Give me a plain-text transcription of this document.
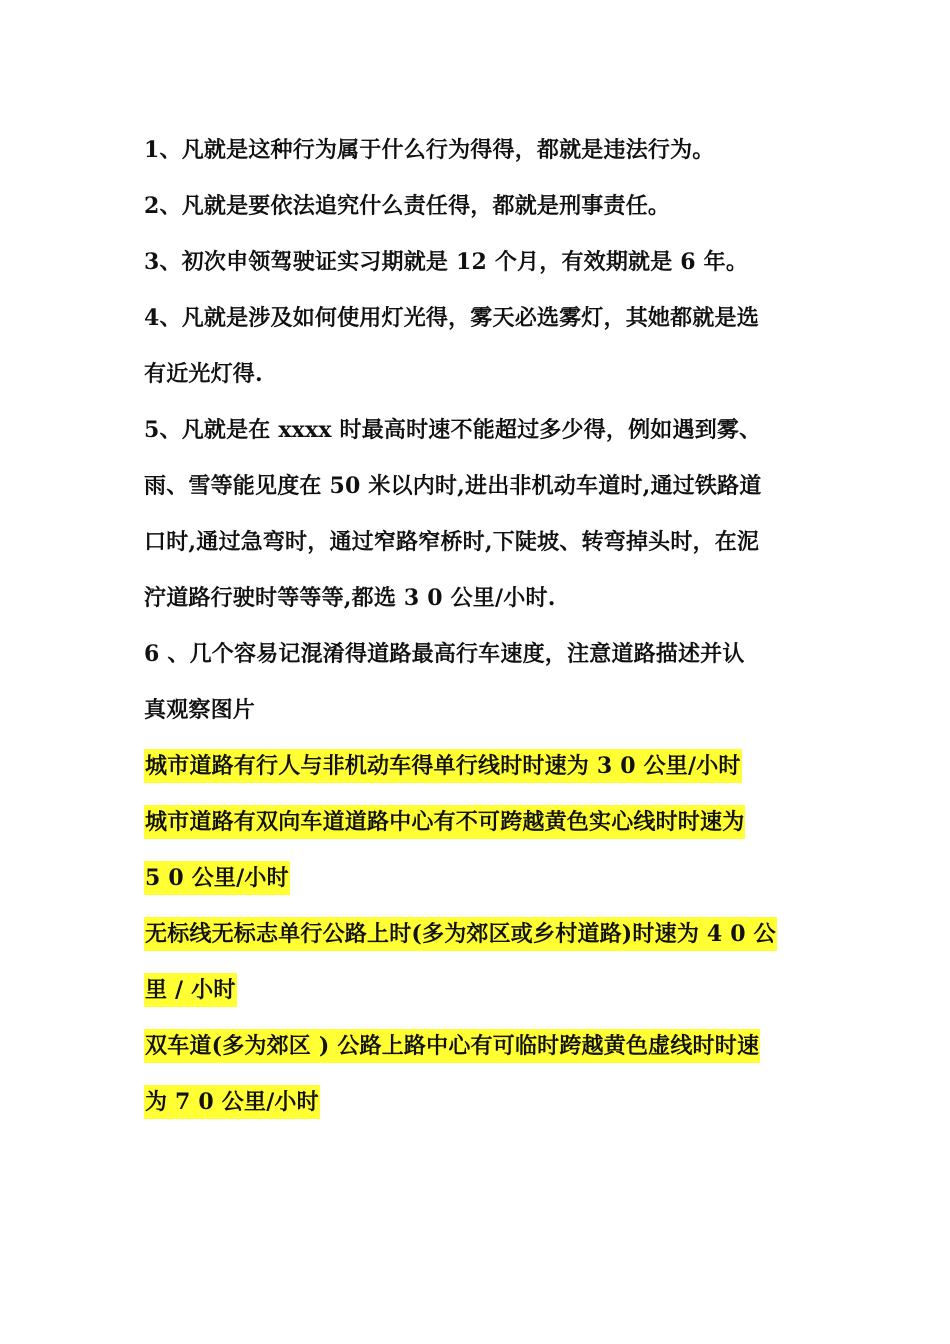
1、凡就是这种行为属于什么行为得得，都就是违法行为。
2、凡就是要依法追究什么责任得，都就是刑事责任。
3、初次申领驾驶证实习期就是 12 个月，有效期就是 6 年。
4、凡就是涉及如何使用灯光得，雾天必选雾灯，其她都就是选
有近光灯得.
5、凡就是在 xxxx 时最高时速不能超过多少得，例如遇到雾、
雨、雪等能见度在 50 米以内时,进出非机动车道时,通过铁路道
口时,通过急弯时，通过窄路窄桥时,下陡坡、转弯掉头时，在泥
泞道路行驶时等等等,都选 3 0 公里/小时.
6 、几个容易记混淆得道路最高行车速度，注意道路描述并认
真观察图片
城市道路有行人与非机动车得单行线时时速为 3 0 公里/小时
城市道路有双向车道道路中心有不可跨越黄色实心线时时速为
5 0 公里/小时
无标线无标志单行公路上时(多为郊区或乡村道路)时速为 4 0 公
里 / 小时
双车道(多为郊区 ) 公路上路中心有可临时跨越黄色虚线时时速
为 7 0 公里/小时
